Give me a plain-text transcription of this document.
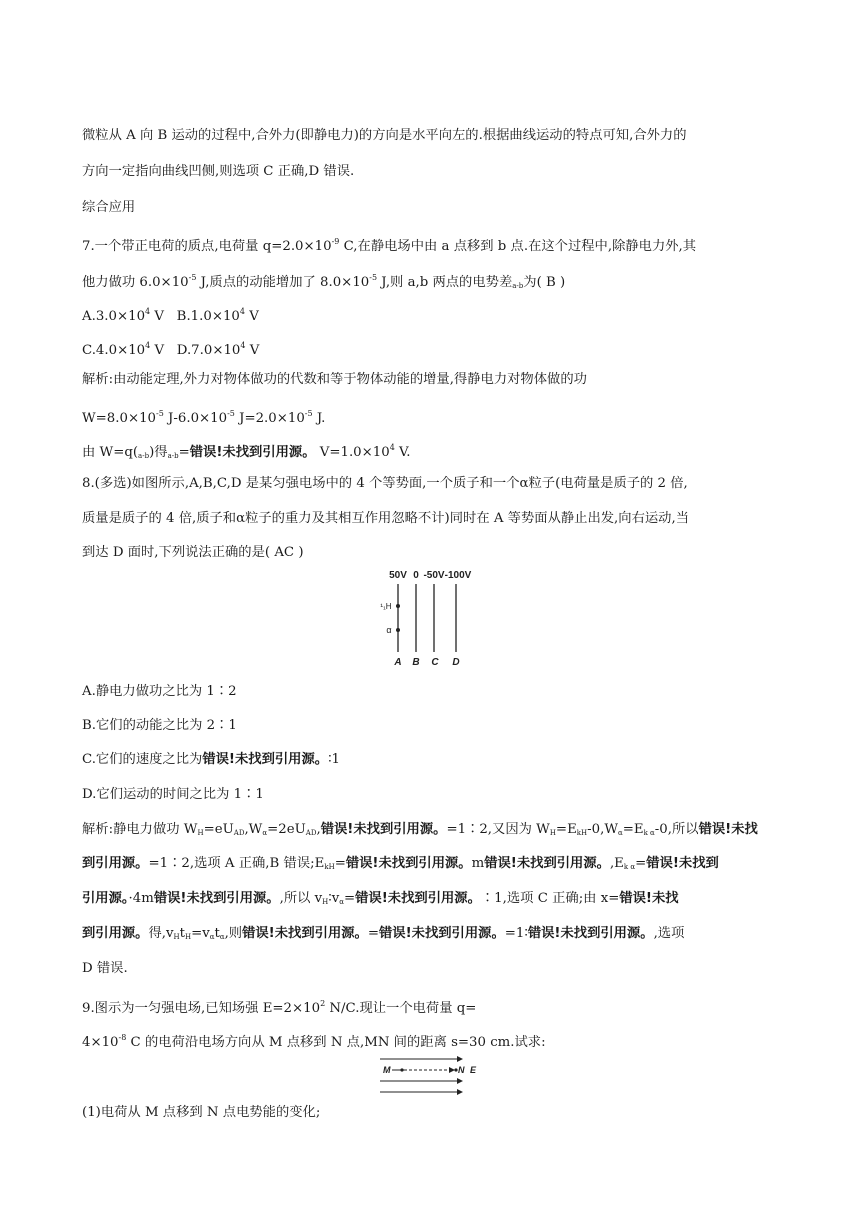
微粒从 A 向 B 运动的过程中,合外力(即静电力)的方向是水平向左的.根据曲线运动的特点可知,合外力的
方向一定指向曲线凹侧,则选项 C 正确,D 错误.
综合应用
7.一个带正电荷的质点,电荷量 $q=2.0\times 10^{-9}$ C,在静电场中由 a 点移到 b 点.在这个过程中,除静电力外,其
他力做功 $6.0\times 10^{-5}$ J,质点的动能增加了 $8.0\times 10^{-5}$ J,则 a,b 两点的电势差a-b为( B )
$A.3.0\times 10^4$ V $B.1.0\times 10^4$ V
$C.4.0\times 10^4$ V $D.7.0\times 10^4$ V
解析:由动能定理,外力对物体做功的代数和等于物体动能的增量,得静电力对物体做的功
$W=8.0\times 10^{-5}$ $J-6.0\times 10^{-5}$ $J=2.0\times 10^{-5}$ J.
由 W=q(a-b)得a-b=错误!未找到引用源。 $V=1.0\times 10^4$ V.
8.(多选)如图所示,A,B,C,D 是某匀强电场中的 4 个等势面,一个质子和一个α粒子(电荷量是质子的 2 倍,
质量是质子的 4 倍,质子和α粒子的重力及其相互作用忽略不计)同时在 A 等势面从静止出发,向右运动,当
到达 D 面时,下列说法正确的是( AC )
50V 0 -50V -100V
¹₁H
α
A B C D
A.静电力做功之比为 1∶2
B.它们的动能之比为 2∶1
C.它们的速度之比为错误!未找到引用源。∶1
D.它们运动的时间之比为 1∶1
解析:静电力做功 WH=eUAD,Wα=2eUAD,错误!未找到引用源。=1∶2,又因为 WH=EkH-0,Wα=Ek α-0,所以错误!未找
到引用源。=1∶2,选项 A 正确,B 错误;EkH=错误!未找到引用源。m错误!未找到引用源。,Ek α=错误!未找到
引用源。·4m错误!未找到引用源。,所以 vH∶vα=错误!未找到引用源。∶1,选项 C 正确;由 x=错误!未找
到引用源。得,vHtH=vαtα,则错误!未找到引用源。=错误!未找到引用源。=1∶错误!未找到引用源。,选项
D 错误.
9.图示为一匀强电场,已知场强 $E=2\times 10^2$ N/C.现让一个电荷量 q=
$4\times 10^{-8}$ C 的电荷沿电场方向从 M 点移到 N 点,MN 间的距离 s=30 cm.试求:
M	N E
(1)电荷从 M 点移到 N 点电势能的变化;
